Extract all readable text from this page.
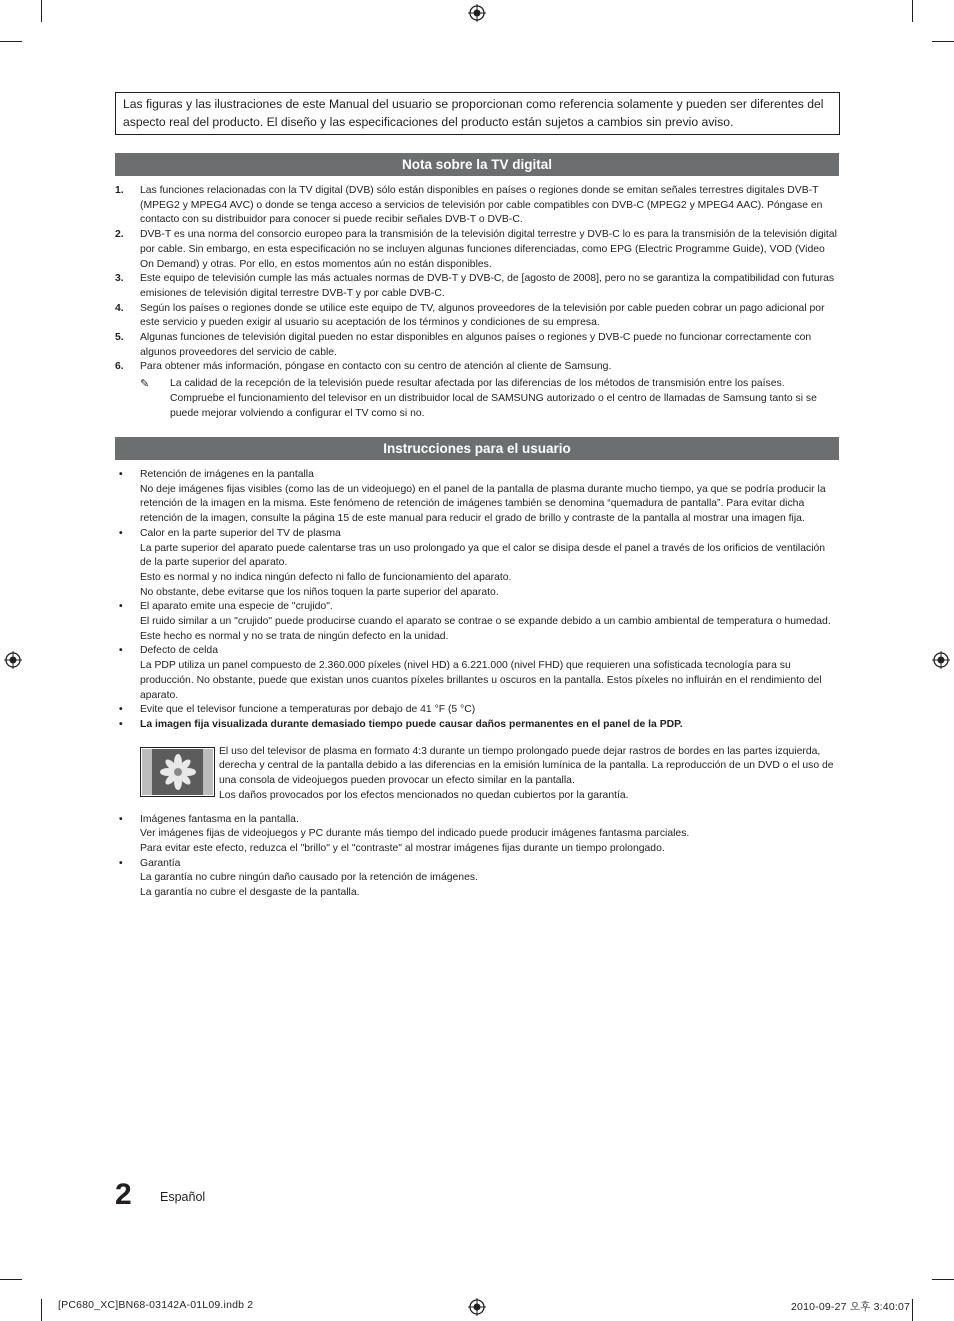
Las figuras y las ilustraciones de este Manual del usuario se proporcionan como referencia solamente y pueden ser diferentes del aspecto real del producto. El diseño y las especificaciones del producto están sujetos a cambios sin previo aviso.
Nota sobre la TV digital
1. Las funciones relacionadas con la TV digital (DVB) sólo están disponibles en países o regiones donde se emitan señales terrestres digitales DVB-T (MPEG2 y MPEG4 AVC) o donde se tenga acceso a servicios de televisión por cable compatibles con DVB-C (MPEG2 y MPEG4 AAC). Póngase en contacto con su distribuidor para conocer si puede recibir señales DVB-T o DVB-C.
2. DVB-T es una norma del consorcio europeo para la transmisión de la televisión digital terrestre y DVB-C lo es para la transmisión de la televisión digital por cable. Sin embargo, en esta especificación no se incluyen algunas funciones diferenciadas, como EPG (Electric Programme Guide), VOD (Video On Demand) y otras. Por ello, en estos momentos aún no están disponibles.
3. Este equipo de televisión cumple las más actuales normas de DVB-T y DVB-C, de [agosto de 2008], pero no se garantiza la compatibilidad con futuras emisiones de televisión digital terrestre DVB-T y por cable DVB-C.
4. Según los países o regiones donde se utilice este equipo de TV, algunos proveedores de la televisión por cable pueden cobrar un pago adicional por este servicio y pueden exigir al usuario su aceptación de los términos y condiciones de su empresa.
5. Algunas funciones de televisión digital pueden no estar disponibles en algunos países o regiones y DVB-C puede no funcionar correctamente con algunos proveedores del servicio de cable.
6. Para obtener más información, póngase en contacto con su centro de atención al cliente de Samsung.
✎ La calidad de la recepción de la televisión puede resultar afectada por las diferencias de los métodos de transmisión entre los países. Compruebe el funcionamiento del televisor en un distribuidor local de SAMSUNG autorizado o el centro de llamadas de Samsung tanto si se puede mejorar volviendo a configurar el TV como si no.
Instrucciones para el usuario
• Retención de imágenes en la pantalla
No deje imágenes fijas visibles (como las de un videojuego) en el panel de la pantalla de plasma durante mucho tiempo, ya que se podría producir la retención de la imagen en la misma. Este fenómeno de retención de imágenes también se denomina “quemadura de pantalla”. Para evitar dicha retención de la imagen, consulte la página 15 de este manual para reducir el grado de brillo y contraste de la pantalla al mostrar una imagen fija.
• Calor en la parte superior del TV de plasma
La parte superior del aparato puede calentarse tras un uso prolongado ya que el calor se disipa desde el panel a través de los orificios de ventilación de la parte superior del aparato.
Esto es normal y no indica ningún defecto ni fallo de funcionamiento del aparato.
No obstante, debe evitarse que los niños toquen la parte superior del aparato.
• El aparato emite una especie de "crujido".
El ruido similar a un "crujido" puede producirse cuando el aparato se contrae o se expande debido a un cambio ambiental de temperatura o humedad. Este hecho es normal y no se trata de ningún defecto en la unidad.
• Defecto de celda
La PDP utiliza un panel compuesto de 2.360.000 píxeles (nivel HD) a 6.221.000 (nivel FHD) que requieren una sofisticada tecnología para su producción. No obstante, puede que existan unos cuantos píxeles brillantes u oscuros en la pantalla. Estos píxeles no influirán en el rendimiento del aparato.
• Evite que el televisor funcione a temperaturas por debajo de 41 °F (5 °C)
• La imagen fija visualizada durante demasiado tiempo puede causar daños permanentes en el panel de la PDP.
El uso del televisor de plasma en formato 4:3 durante un tiempo prolongado puede dejar rastros de bordes en las partes izquierda, derecha y central de la pantalla debido a las diferencias en la emisión lumínica de la pantalla. La reproducción de un DVD o el uso de una consola de videojuegos pueden provocar un efecto similar en la pantalla.
Los daños provocados por los efectos mencionados no quedan cubiertos por la garantía.
• Imágenes fantasma en la pantalla.
Ver imágenes fijas de videojuegos y PC durante más tiempo del indicado puede producir imágenes fantasma parciales.
Para evitar este efecto, reduzca el "brillo" y el "contraste" al mostrar imágenes fijas durante un tiempo prolongado.
• Garantía
La garantía no cubre ningún daño causado por la retención de imágenes.
La garantía no cubre el desgaste de la pantalla.
2 Español
[PC680_XC]BN68-03142A-01L09.indb 2	2010-09-27 오후 3:40:07
